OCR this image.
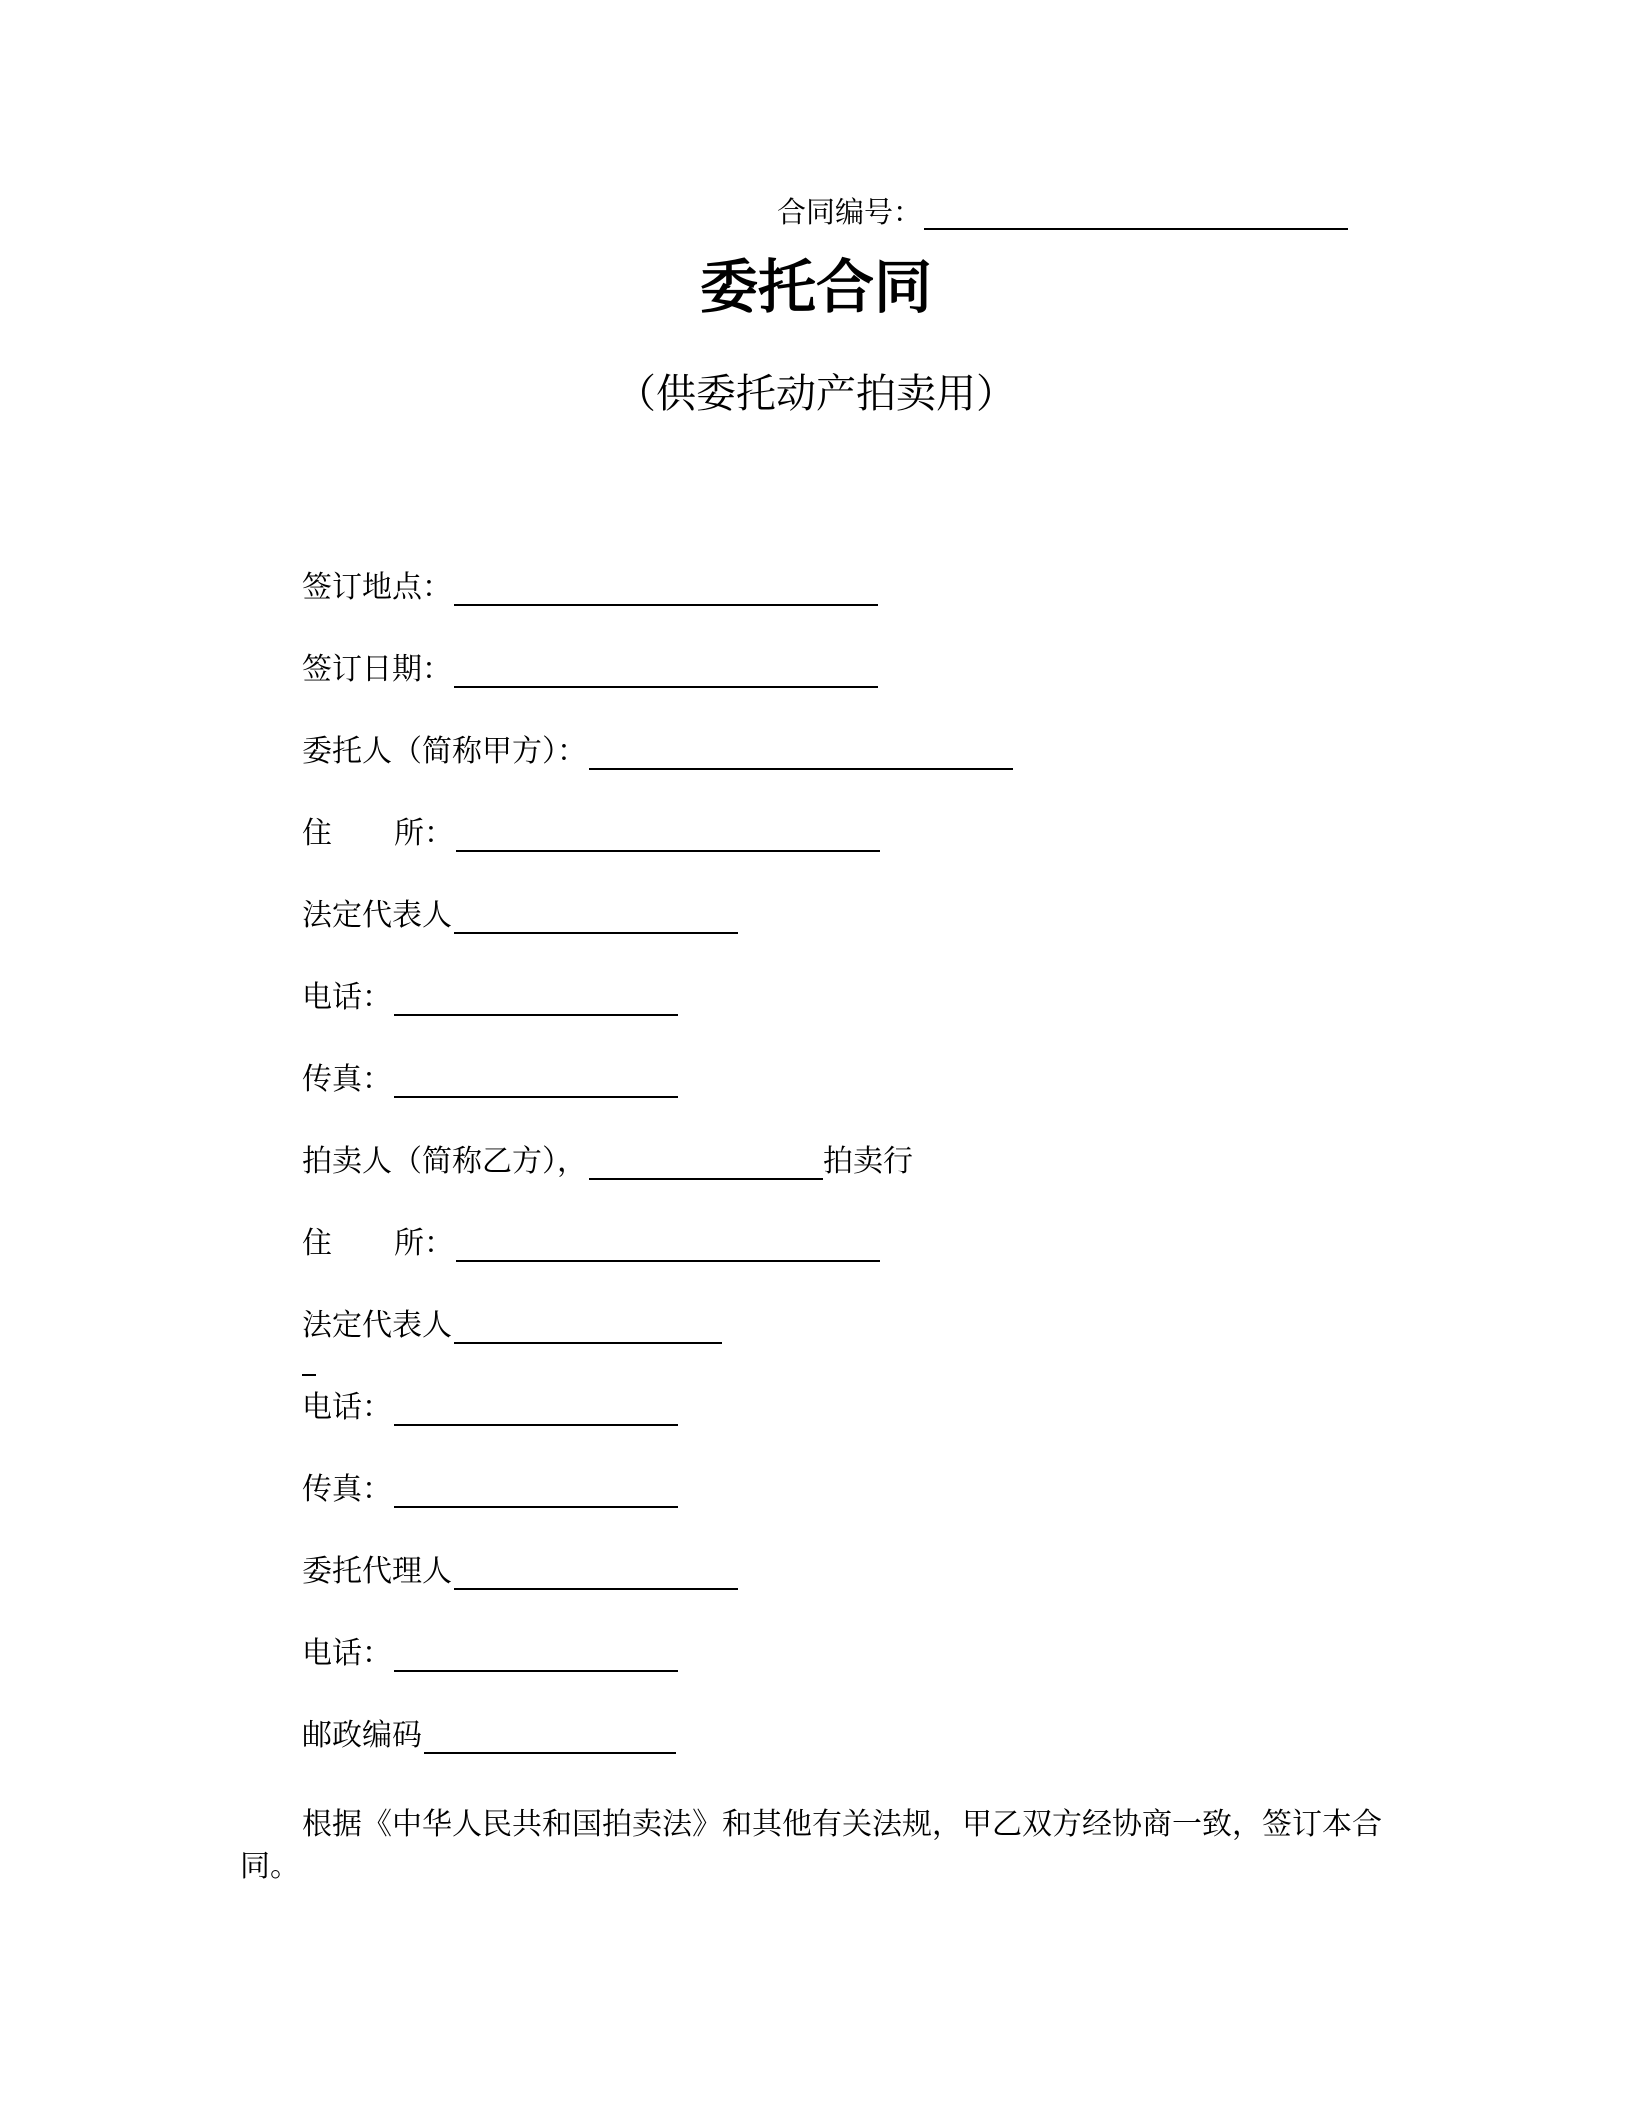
合同编号：
委托合同
（供委托动产拍卖用）
签订地点：
签订日期：
委托人（简称甲方）：
住 所：
法定代表人
电话：
传真：
拍卖人（简称乙方），	拍卖行
住 所：
法定代表人
电话：
传真：
委托代理人
电话：
邮政编码
根据《中华人民共和国拍卖法》和其他有关法规，甲乙双方经协商一致，签订本合同。
